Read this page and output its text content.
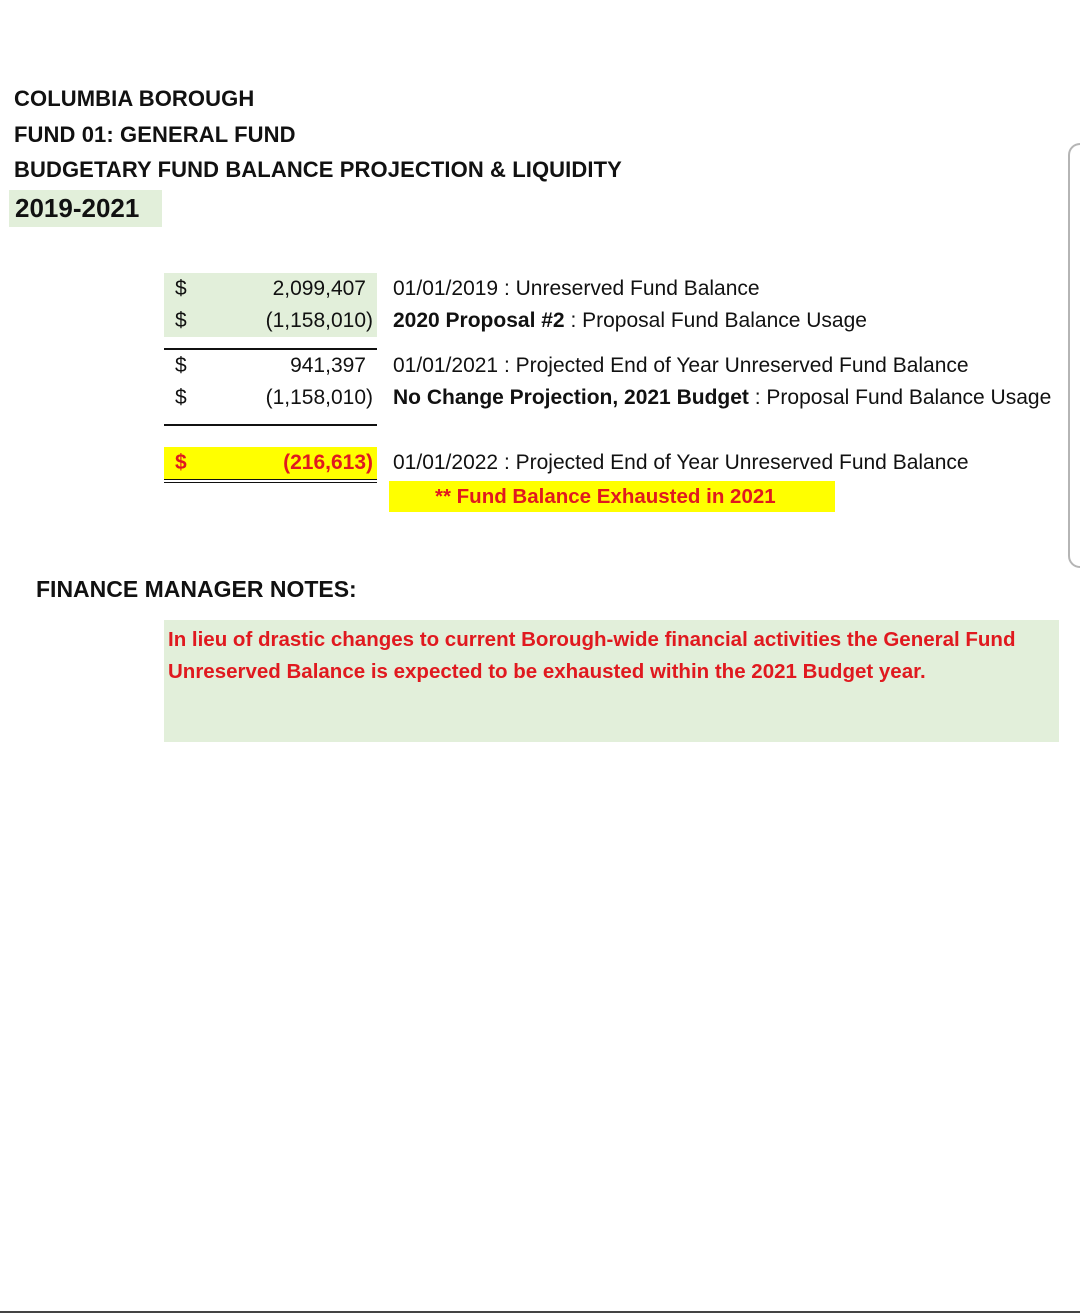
COLUMBIA BOROUGH
FUND 01: GENERAL FUND
BUDGETARY FUND BALANCE PROJECTION & LIQUIDITY
2019-2021
$	2,099,407 01/01/2019 : Unreserved Fund Balance
$	(1,158,010) 2020 Proposal #2 : Proposal Fund Balance Usage
$	941,397 01/01/2021 : Projected End of Year Unreserved Fund Balance
$	(1,158,010) No Change Projection, 2021 Budget : Proposal Fund Balance Usage
$	(216,613) 01/01/2022 : Projected End of Year Unreserved Fund Balance
** Fund Balance Exhausted in 2021
FINANCE MANAGER NOTES:
In lieu of drastic changes to current Borough-wide financial activities the General Fund Unreserved Balance is expected to be exhausted within the 2021 Budget year.
